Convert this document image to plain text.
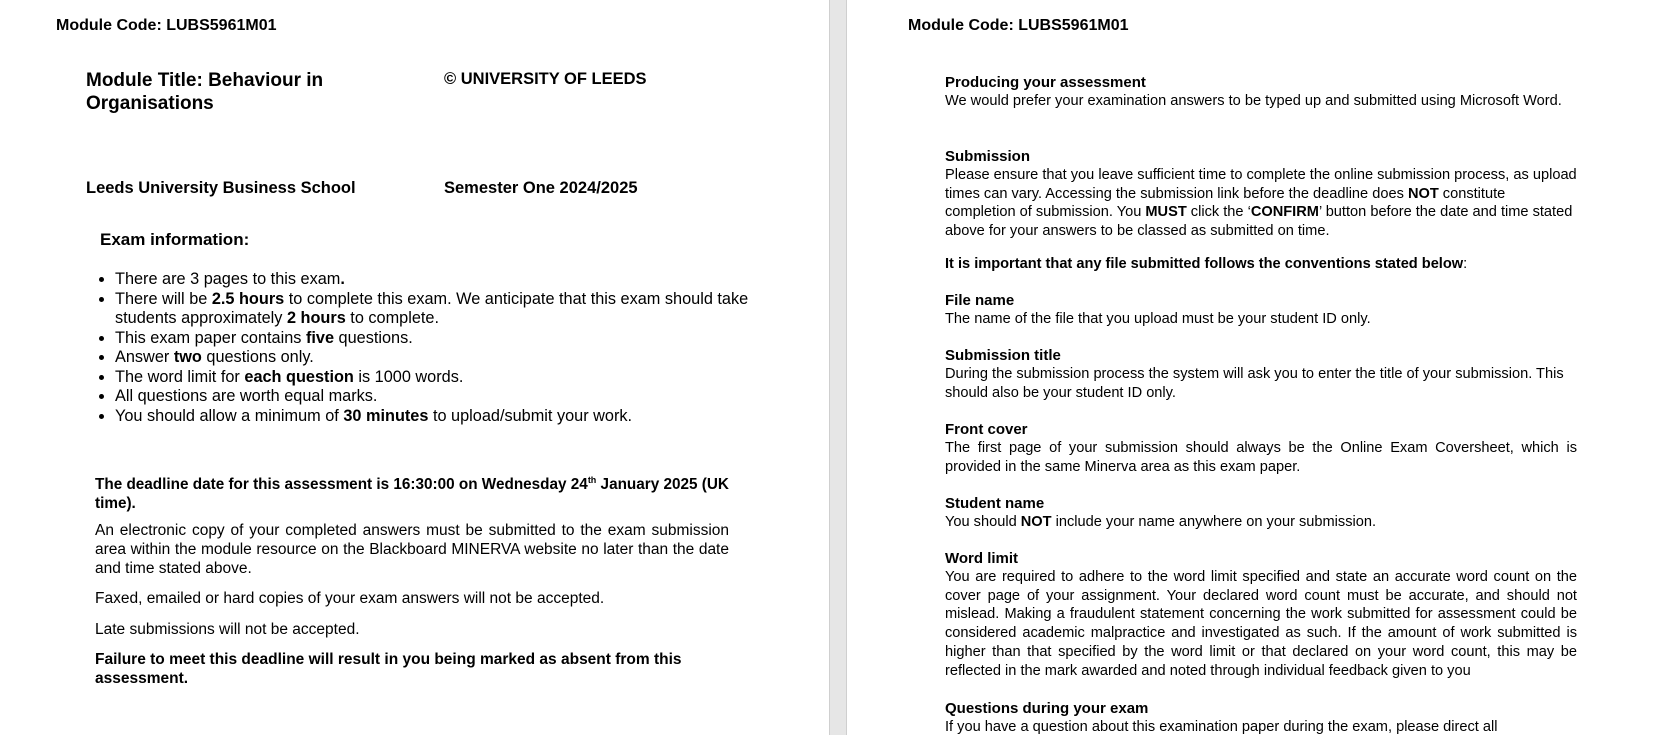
Module Code: LUBS5961M01
Module Title: Behaviour in Organisations
© UNIVERSITY OF LEEDS
Leeds University Business School	Semester One 2024/2025
Exam information:
• There are 3 pages to this exam.
• There will be 2.5 hours to complete this exam. We anticipate that this exam should take students approximately 2 hours to complete.
• This exam paper contains five questions.
• Answer two questions only.
• The word limit for each question is 1000 words.
• All questions are worth equal marks.
• You should allow a minimum of 30 minutes to upload/submit your work.
The deadline date for this assessment is 16:30:00 on Wednesday 24th January 2025 (UK time).
An electronic copy of your completed answers must be submitted to the exam submission area within the module resource on the Blackboard MINERVA website no later than the date and time stated above.
Faxed, emailed or hard copies of your exam answers will not be accepted.
Late submissions will not be accepted.
Failure to meet this deadline will result in you being marked as absent from this assessment.
Module Code: LUBS5961M01
Producing your assessment
We would prefer your examination answers to be typed up and submitted using Microsoft Word.
Submission
Please ensure that you leave sufficient time to complete the online submission process, as upload times can vary. Accessing the submission link before the deadline does NOT constitute completion of submission. You MUST click the ‘CONFIRM’ button before the date and time stated above for your answers to be classed as submitted on time.
It is important that any file submitted follows the conventions stated below:
File name
The name of the file that you upload must be your student ID only.
Submission title
During the submission process the system will ask you to enter the title of your submission. This should also be your student ID only.
Front cover
The first page of your submission should always be the Online Exam Coversheet, which is provided in the same Minerva area as this exam paper.
Student name
You should NOT include your name anywhere on your submission.
Word limit
You are required to adhere to the word limit specified and state an accurate word count on the cover page of your assignment. Your declared word count must be accurate, and should not mislead. Making a fraudulent statement concerning the work submitted for assessment could be considered academic malpractice and investigated as such. If the amount of work submitted is higher than that specified by the word limit or that declared on your word count, this may be reflected in the mark awarded and noted through individual feedback given to you
Questions during your exam
If you have a question about this examination paper during the exam, please direct all
